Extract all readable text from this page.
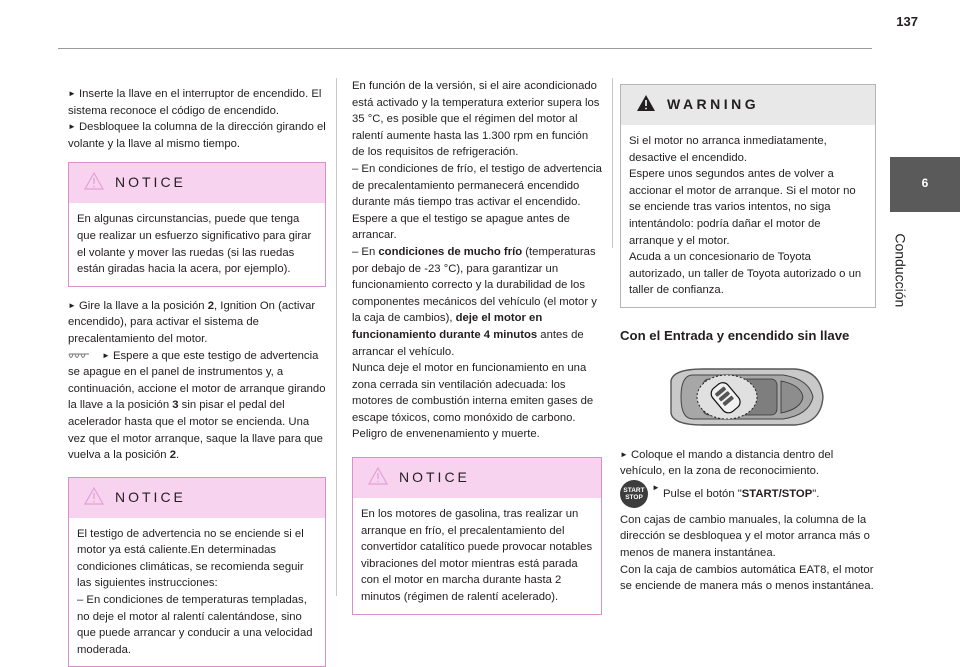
137

► Inserte la llave en el interruptor de encendido. El sistema reconoce el código de encendido.

► Desbloquee la columna de la dirección girando el volante y la llave al mismo tiempo.

NOTICE

En algunas circunstancias, puede que tenga que realizar un esfuerzo significativo para girar el volante y mover las ruedas (si las ruedas están giradas hacia la acera, por ejemplo).

► Gire la llave a la posición 2, Ignition On (activar encendido), para activar el sistema de precalentamiento del motor.

► Espere a que este testigo de advertencia se apague en el panel de instrumentos y, a continuación, accione el motor de arranque girando la llave a la posición 3 sin pisar el pedal del acelerador hasta que el motor se encienda. Una vez que el motor arranque, saque la llave para que vuelva a la posición 2.

NOTICE

El testigo de advertencia no se enciende si el motor ya está caliente.En determinadas condiciones climáticas, se recomienda seguir las siguientes instrucciones:

– En condiciones de temperaturas templadas, no deje el motor al ralentí calentándose, sino que puede arrancar y conducir a una velocidad moderada.

En función de la versión, si el aire acondicionado está activado y la temperatura exterior supera los 35 °C, es posible que el régimen del motor al ralentí aumente hasta las 1.300 rpm en función de los requisitos de refrigeración.

– En condiciones de frío, el testigo de advertencia de precalentamiento permanecerá encendido durante más tiempo tras activar el encendido. Espere a que el testigo se apague antes de arrancar.

– En condiciones de mucho frío (temperaturas por debajo de -23 °C), para garantizar un funcionamiento correcto y la durabilidad de los componentes mecánicos del vehículo (el motor y la caja de cambios), deje el motor en funcionamiento durante 4 minutos antes de arrancar el vehículo.

Nunca deje el motor en funcionamiento en una zona cerrada sin ventilación adecuada: los motores de combustión interna emiten gases de escape tóxicos, como monóxido de carbono. Peligro de envenenamiento y muerte.

NOTICE

En los motores de gasolina, tras realizar un arranque en frío, el precalentamiento del convertidor catalítico puede provocar notables vibraciones del motor mientras está parada con el motor en marcha durante hasta 2 minutos (régimen de ralentí acelerado).

WARNING

Si el motor no arranca inmediatamente, desactive el encendido.

Espere unos segundos antes de volver a accionar el motor de arranque. Si el motor no se enciende tras varios intentos, no siga intentándolo: podría dañar el motor de arranque y el motor.

Acuda a un concesionario de Toyota autorizado, un taller de Toyota autorizado o un taller de confianza.

Con el Entrada y encendido sin llave

► Coloque el mando a distancia dentro del vehículo, en la zona de reconocimiento.

START
STOP►Pulse el botón "START/STOP".

Con cajas de cambio manuales, la columna de la dirección se desbloquea y el motor arranca más o menos de manera instantánea.

Con la caja de cambios automática EAT8, el motor se enciende de manera más o menos instantánea.

6
Conducción
